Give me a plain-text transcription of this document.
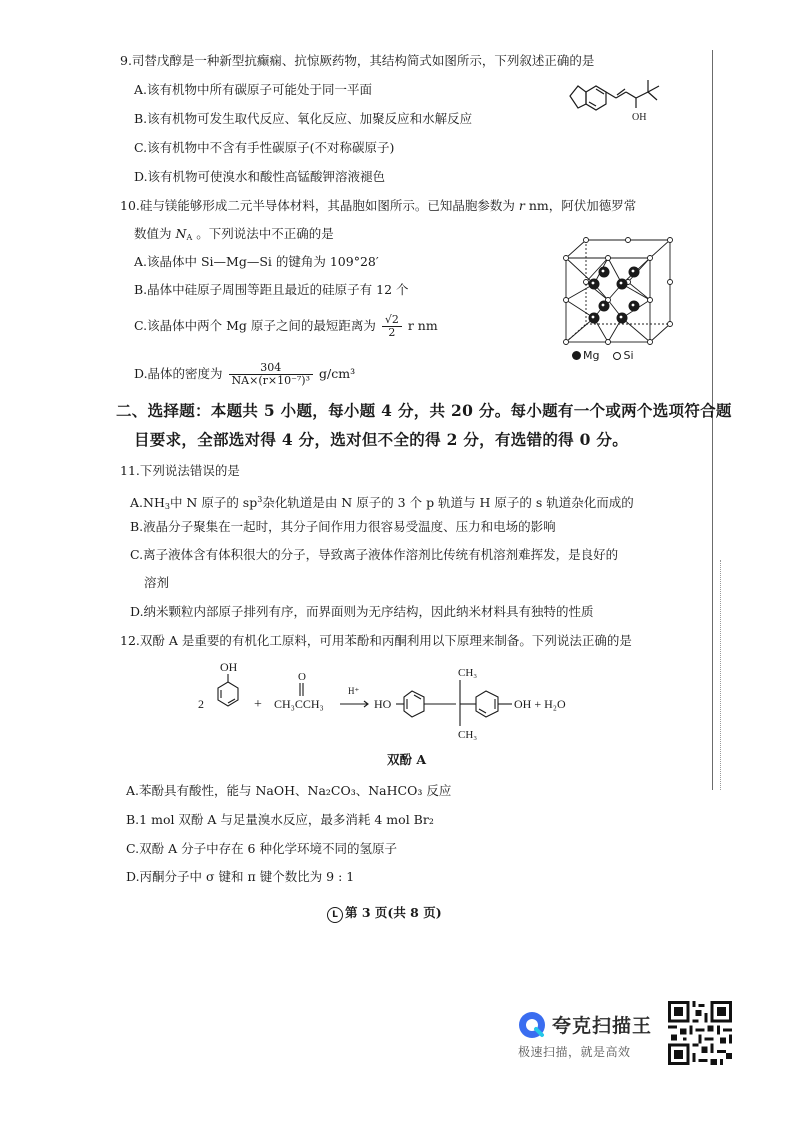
9.司替戊醇是一种新型抗癫痫、抗惊厥药物，其结构简式如图所示，下列叙述正确的是
A.该有机物中所有碳原子可能处于同一平面
B.该有机物可发生取代反应、氧化反应、加聚反应和水解反应
C.该有机物中不含有手性碳原子(不对称碳原子)
D.该有机物可使溴水和酸性高锰酸钾溶液褪色
OH
10.硅与镁能够形成二元半导体材料，其晶胞如图所示。已知晶胞参数为 r nm，阿伏加德罗常
数值为 $N_A$ 。下列说法中不正确的是
A.该晶体中 Si—Mg—Si 的键角为 109°28′
B.晶体中硅原子周围等距且最近的硅原子有 12 个
C.该晶体中两个 Mg 原子之间的最短距离为 $\frac{√2}{2}$ r nm
D.晶体的密度为 $\frac{304}{\text{NA×(r×10⁻⁷)³}} g/cm^3$
Mg Si
二、选择题：本题共 5 小题，每小题 4 分，共 20 分。每小题有一个或两个选项符合题
目要求，全部选对得 4 分，选对但不全的得 2 分，有选错的得 0 分。
11.下列说法错误的是
$A.NH_3$中 N 原子的 $sp^3$杂化轨道是由 N 原子的 3 个 p 轨道与 H 原子的 s 轨道杂化而成的
B.液晶分子聚集在一起时，其分子间作用力很容易受温度、压力和电场的影响
C.离子液体含有体积很大的分子，导致离子液体作溶剂比传统有机溶剂难挥发，是良好的
溶剂
D.纳米颗粒内部原子排列有序，而界面则为无序结构，因此纳米材料具有独特的性质
12.双酚 A 是重要的有机化工原料，可用苯酚和丙酮利用以下原理来制备。下列说法正确的是
2
OH
+
O
CH₃CCH₃
H⁺
HO
CH₃
CH₃
OH + H₂O
双酚 A
A.苯酚具有酸性，能与 NaOH、Na₂CO₃、NaHCO₃ 反应
B.1 mol 双酚 A 与足量溴水反应，最多消耗 4 mol Br₂
C.双酚 A 分子中存在 6 种化学环境不同的氢原子
D.丙酮分子中 σ 键和 π 键个数比为 9 : 1
L 第 3 页(共 8 页)
夸克扫描王
极速扫描，就是高效
